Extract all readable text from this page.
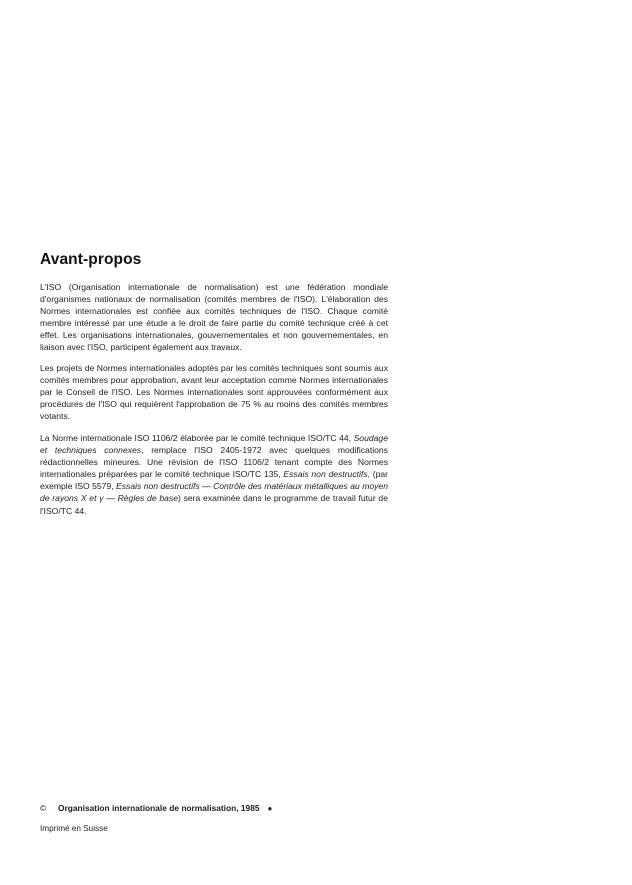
Avant-propos

L'ISO (Organisation internationale de normalisation) est une fédération mondiale d'organismes nationaux de normalisation (comités membres de l'ISO). L'élaboration des Normes internationales est confiée aux comités techniques de l'ISO. Chaque comité membre intéressé par une étude a le droit de faire partie du comité technique créé à cet effet. Les organisations internationales, gouvernementales et non gouvernementales, en liaison avec l'ISO, participent également aux travaux.

Les projets de Normes internationales adoptés par les comités techniques sont soumis aux comités membres pour approbation, avant leur acceptation comme Normes internationales par le Conseil de l'ISO. Les Normes internationales sont approuvées conformément aux procédures de l'ISO qui requièrent l'approbation de 75 % au moins des comités membres votants.

La Norme internationale ISO 1106/2 élaborée par le comité technique ISO/TC 44, Soudage et techniques connexes, remplace l'ISO 2405-1972 avec quelques modifications rédactionnelles mineures. Une révision de l'ISO 1106/2 tenant compte des Normes internationales préparées par le comité technique ISO/TC 135, Essais non destructifs, (par exemple ISO 5579, Essais non destructifs — Contrôle des matériaux métalliques au moyen de rayons X et γ — Règles de base) sera examinée dans le programme de travail futur de l'ISO/TC 44.

© Organisation internationale de normalisation, 1985 ●
Imprimé en Suisse
